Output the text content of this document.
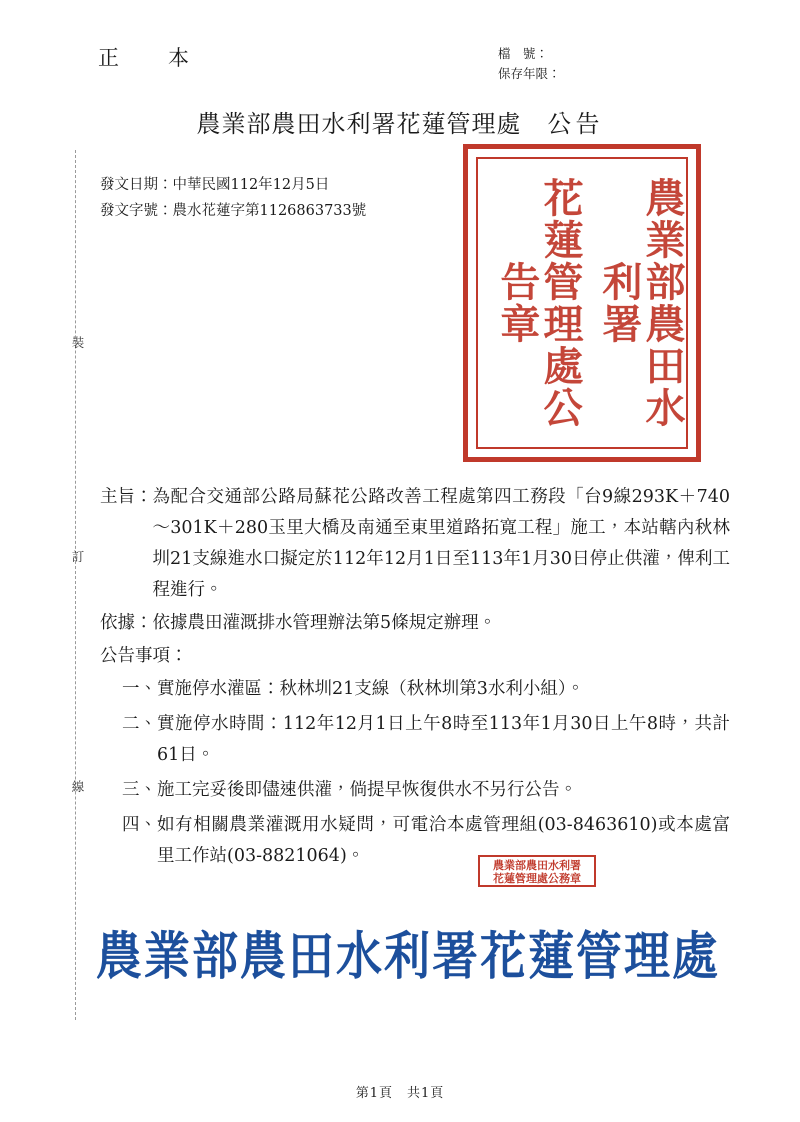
正　本	檔　號：
保存年限：
農業部農田水利署花蓮管理處 公告
發文日期：中華民國112年12月5日
發文字號：農水花蓮字第1126863733號	農業部農田水利署
花蓮管理處公告章
主旨： 為配合交通部公路局蘇花公路改善工程處第四工務段「台9線293K＋740～301K＋280玉里大橋及南通至東里道路拓寬工程」施工，本站轄內秋林圳21支線進水口擬定於112年12月1日至113年1月30日停止供灌，俾利工程進行。
依據： 依據農田灌溉排水管理辦法第5條規定辦理。
公告事項：
一、 實施停水灌區：秋林圳21支線（秋林圳第3水利小組）。
二、 實施停水時間：112年12月1日上午8時至113年1月30日上午8時，共計61日。
三、 施工完妥後即儘速供灌，倘提早恢復供水不另行公告。
四、 如有相關農業灌溉用水疑問，可電洽本處管理組(03-8463610)或本處富里工作站(03-8821064)。	農業部農田水利署
花蓮管理處公務章
農業部農田水利署花蓮管理處
第1頁 共1頁
裝
訂
線
